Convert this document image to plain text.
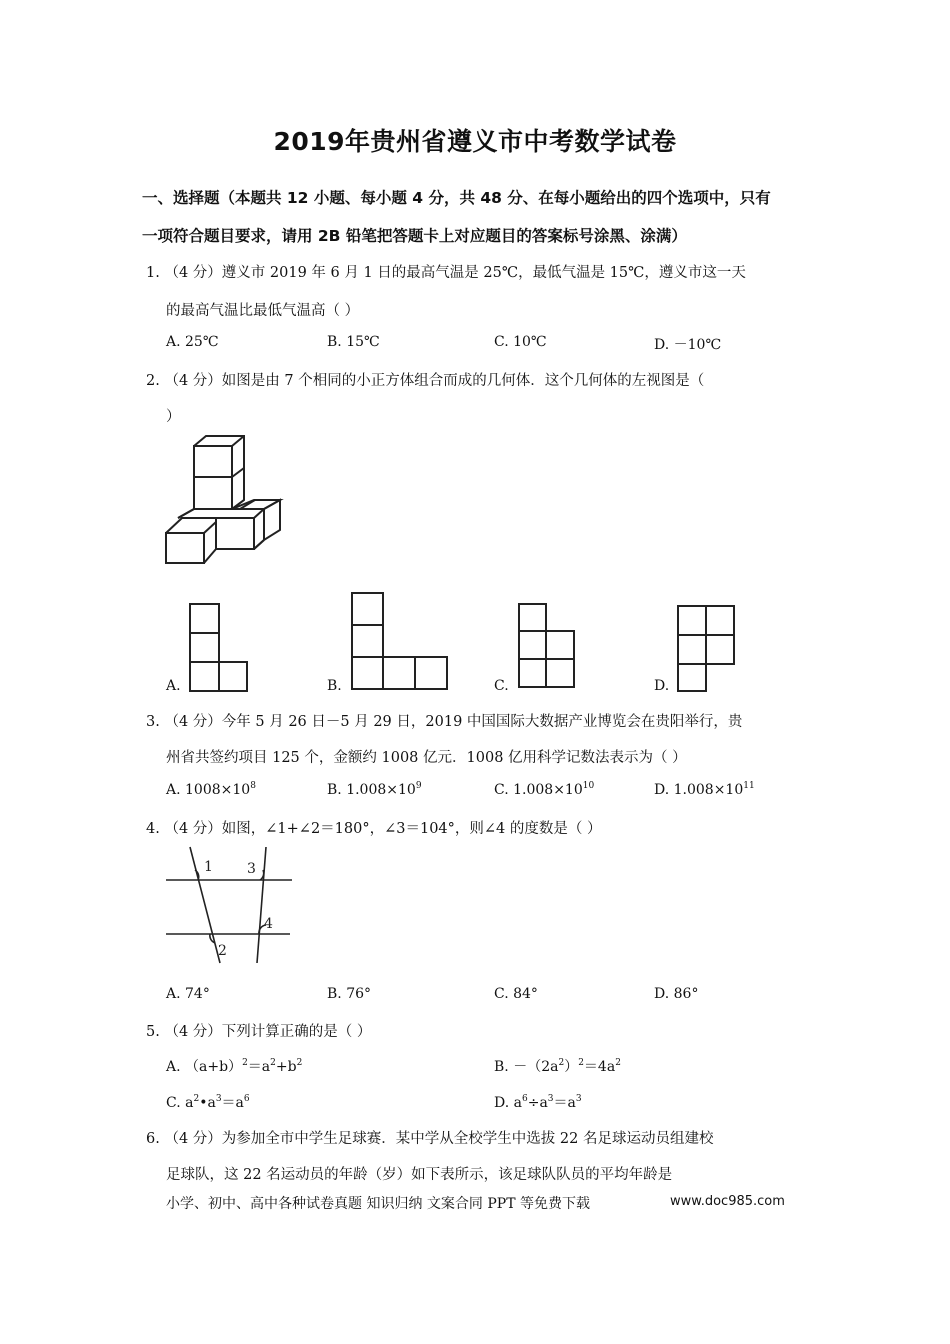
2019年贵州省遵义市中考数学试卷
一、选择题（本题共 12 小题、每小题 4 分，共 48 分、在每小题给出的四个选项中，只有
一项符合题目要求，请用 2B 铅笔把答题卡上对应题目的答案标号涂黑、涂满）
1. （4 分）遵义市 2019 年 6 月 1 日的最高气温是 25℃，最低气温是 15℃，遵义市这一天
的最高气温比最低气温高（ ）
A. 25℃	B. 15℃	C. 10℃	D. －10℃
2. （4 分）如图是由 7 个相同的小正方体组合而成的几何体．这个几何体的左视图是（
）
A.	B.	C.	D.
3. （4 分）今年 5 月 26 日－5 月 29 日，2019 中国国际大数据产业博览会在贵阳举行，贵
州省共签约项目 125 个，金额约 1008 亿元．1008 亿用科学记数法表示为（ ）
A. $1008\times 10^8$	B. $1.008\times 10^9$	C. $1.008\times 10^{10}$	D. $1.008\times 10^{11}$
4. （4 分）如图，∠1+∠2＝180°，∠3＝104°，则∠4 的度数是（ ）
1 3
4
2
A. 74°	B. 76°	C. 84°	D. 86°
5. （4 分）下列计算正确的是（ ）
A. $(a+b)^2=a^2+b^2$	B. $-(2a^2)^2=4a^2$
C. $a^2•a^3=a^6$	D. $a^6\div a^3=a^3$
6. （4 分）为参加全市中学生足球赛．某中学从全校学生中选拔 22 名足球运动员组建校
足球队，这 22 名运动员的年龄（岁）如下表所示，该足球队队员的平均年龄是
小学、初中、高中各种试卷真题 知识归纳 文案合同 PPT 等免费下载	www.doc985.com
